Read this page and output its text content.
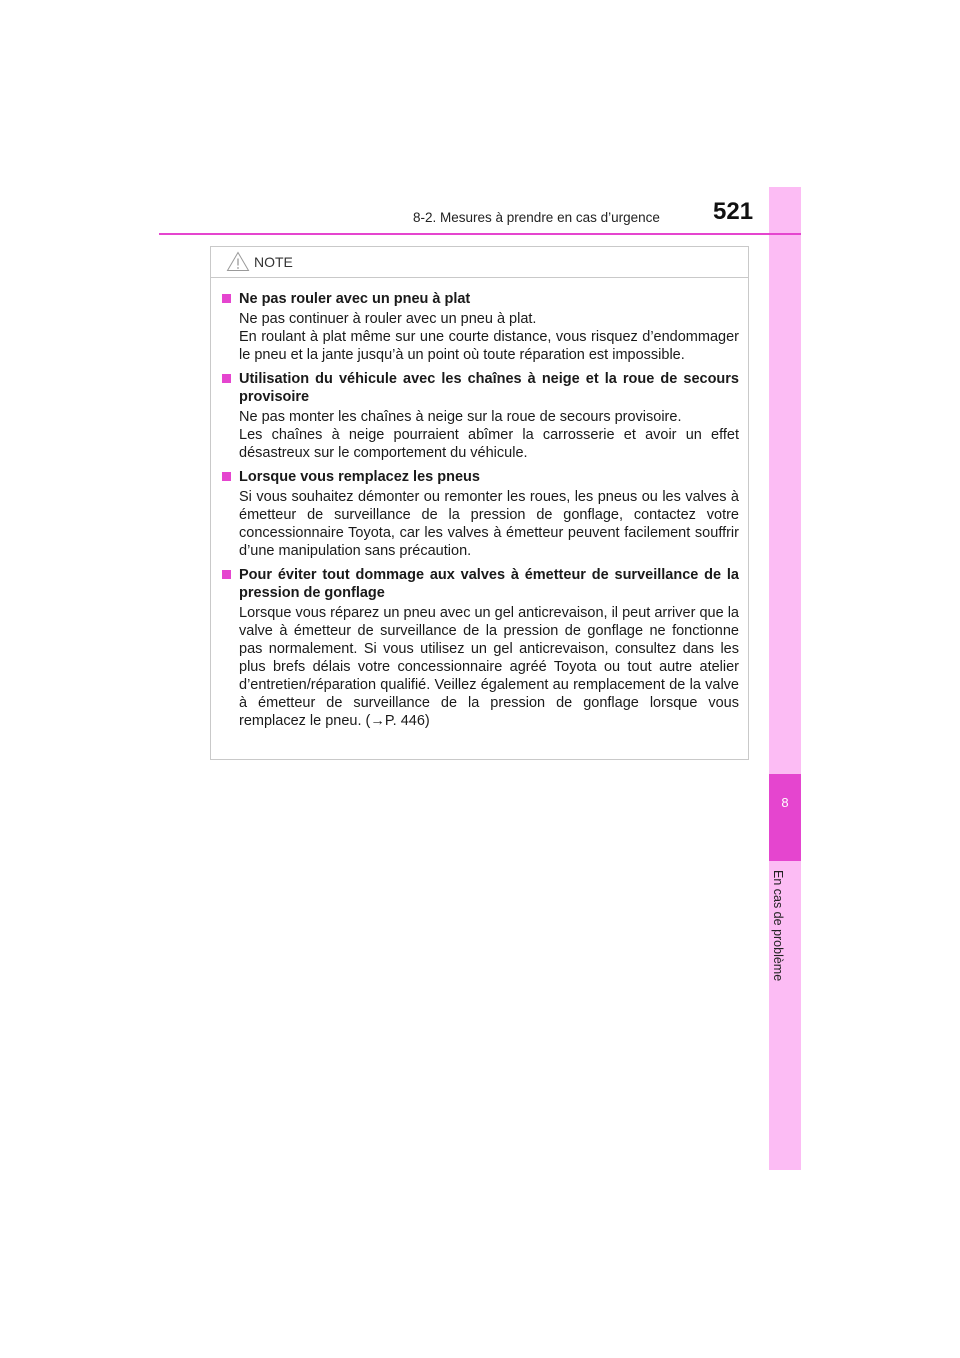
8
En cas de problème
8-2. Mesures à prendre en cas d’urgence 521
NOTE
Ne pas rouler avec un pneu à plat
Ne pas continuer à rouler avec un pneu à plat.
En roulant à plat même sur une courte distance, vous risquez d’endommager le pneu et la jante jusqu’à un point où toute réparation est impossible.
Utilisation du véhicule avec les chaînes à neige et la roue de secours provisoire
Ne pas monter les chaînes à neige sur la roue de secours provisoire.
Les chaînes à neige pourraient abîmer la carrosserie et avoir un effet désastreux sur le comportement du véhicule.
Lorsque vous remplacez les pneus
Si vous souhaitez démonter ou remonter les roues, les pneus ou les valves à émetteur de surveillance de la pression de gonflage, contactez votre concessionnaire Toyota, car les valves à émetteur peuvent facilement souffrir d’une manipulation sans précaution.
Pour éviter tout dommage aux valves à émetteur de surveillance de la pression de gonflage
Lorsque vous réparez un pneu avec un gel anticrevaison, il peut arriver que la valve à émetteur de surveillance de la pression de gonflage ne fonctionne pas normalement. Si vous utilisez un gel anticrevaison, consultez dans les plus brefs délais votre concessionnaire agréé Toyota ou tout autre atelier d’entretien/réparation qualifié. Veillez également au remplacement de la valve à émetteur de surveillance de la pression de gonflage lorsque vous remplacez le pneu. (→P. 446)
